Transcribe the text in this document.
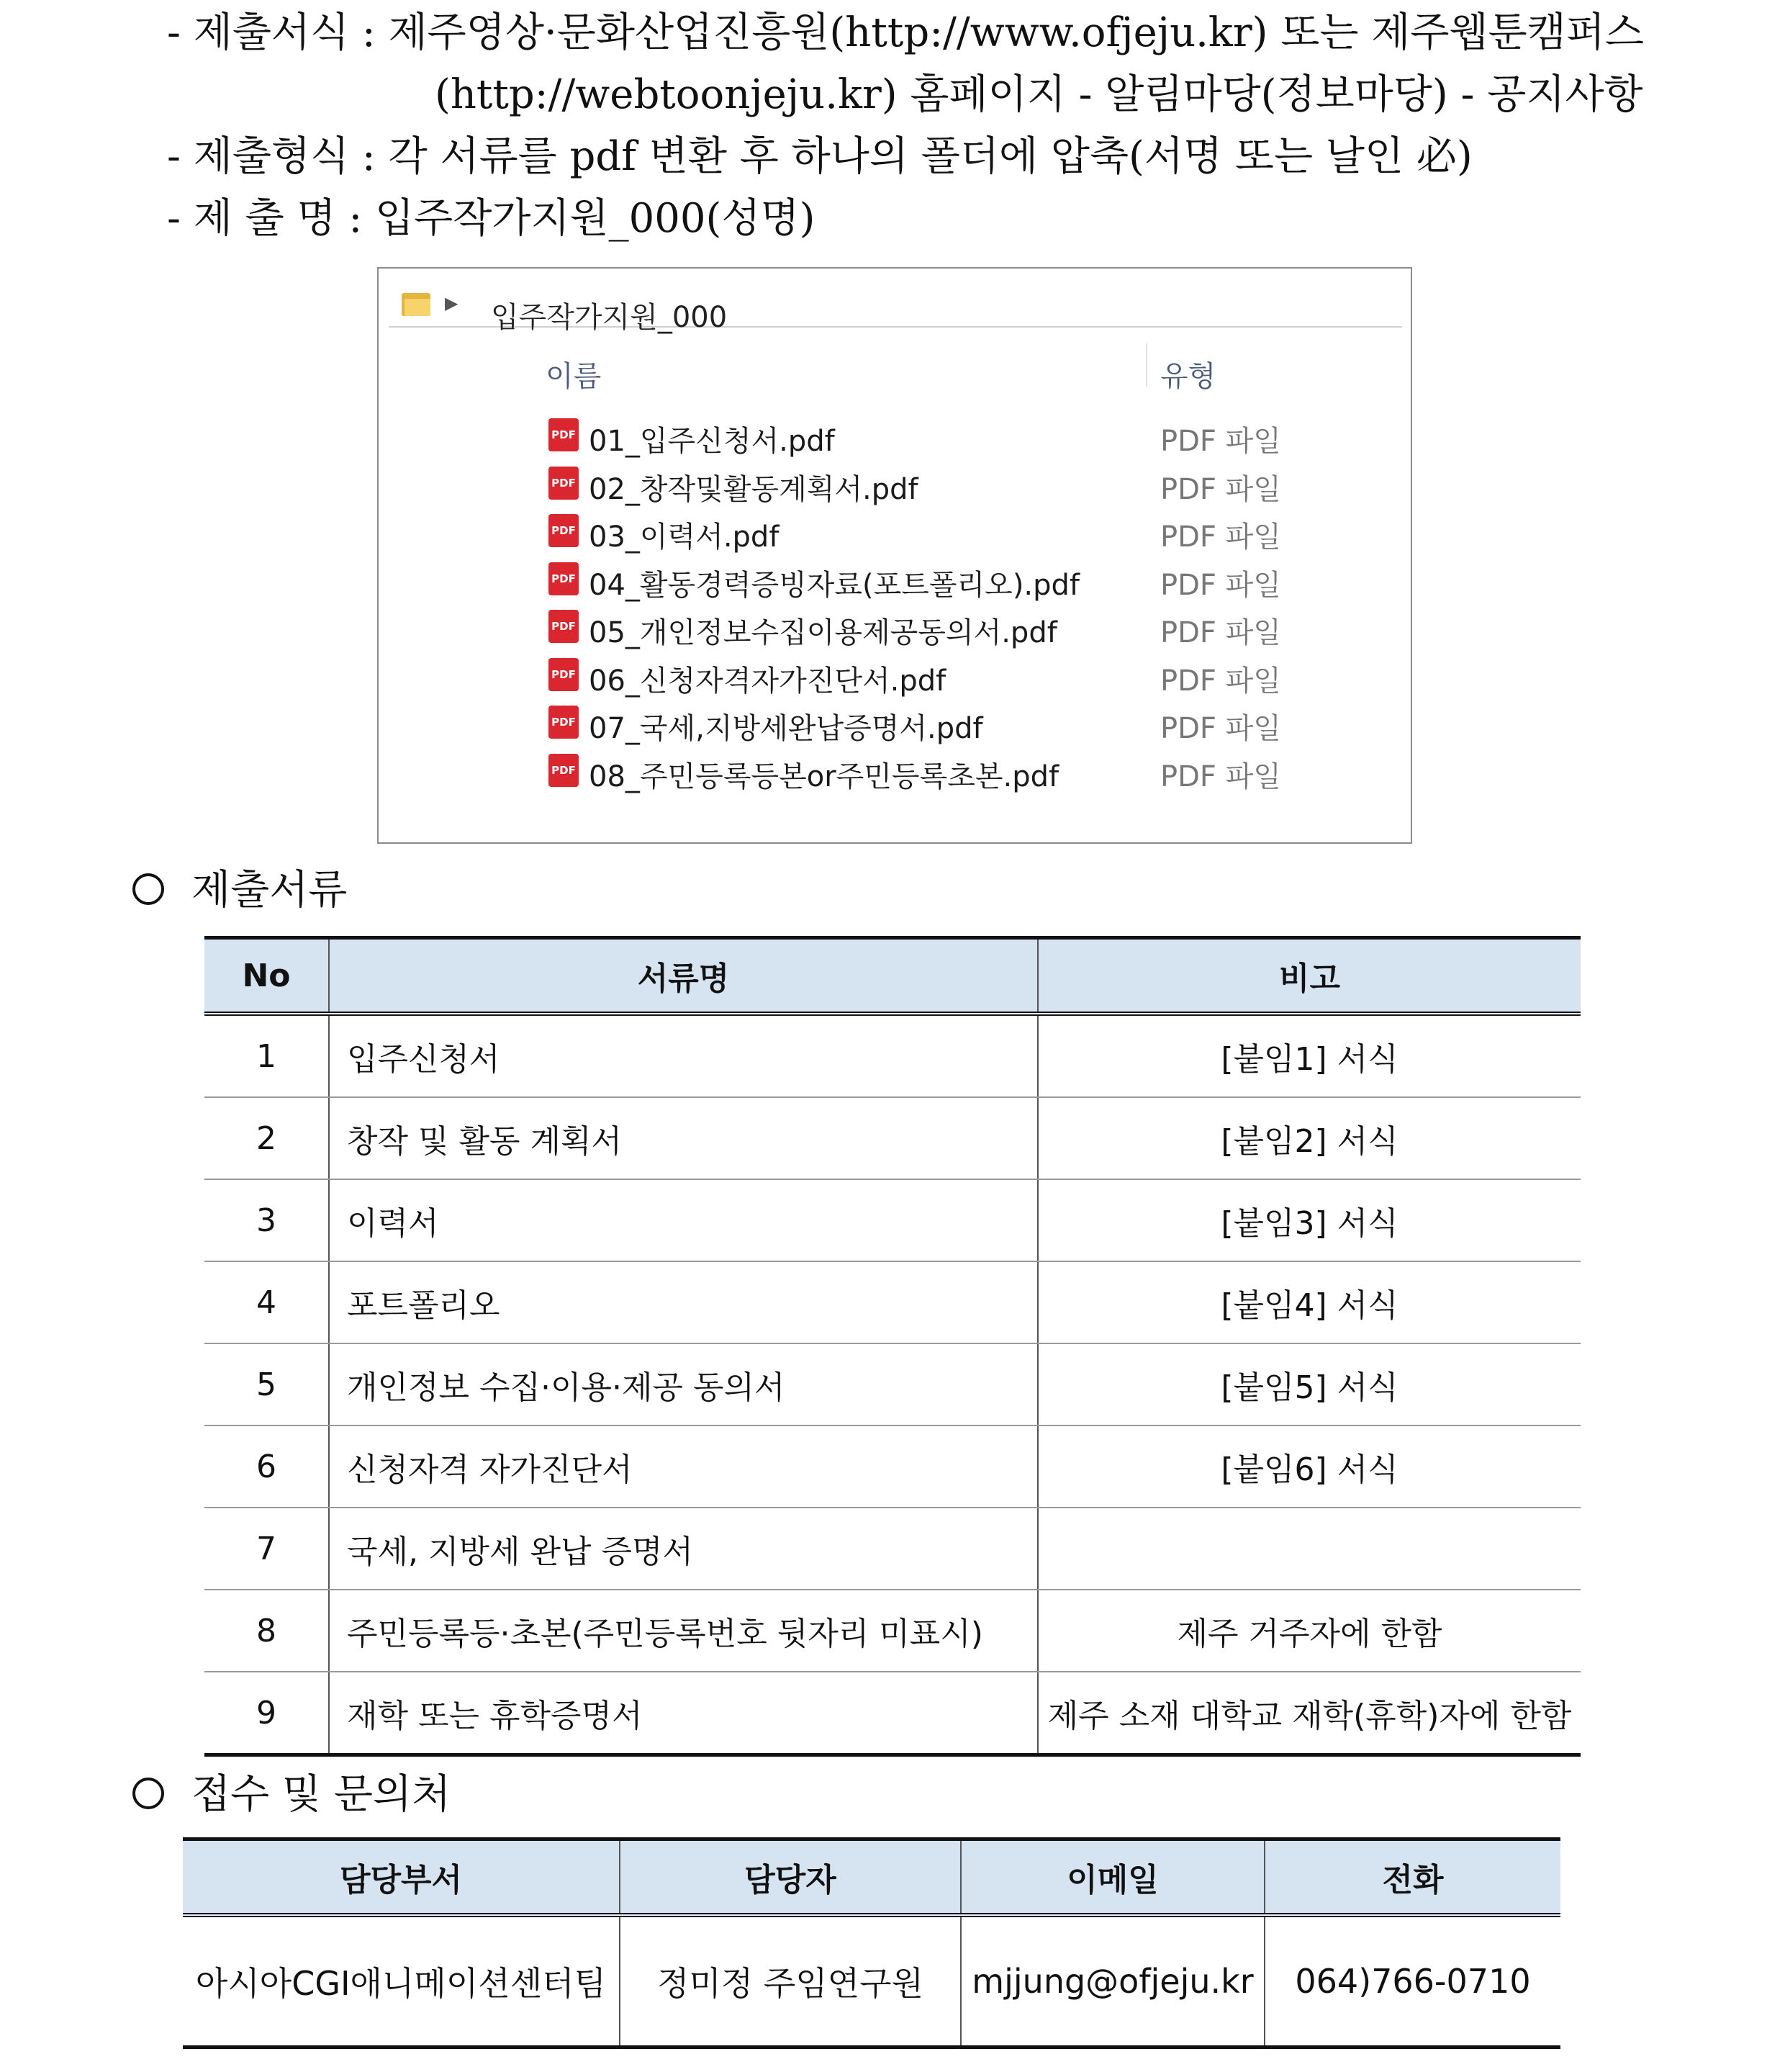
- 제출서식 : 제주영상·문화산업진흥원(http://www.ofjeju.kr) 또는 제주웹툰캠퍼스
(http://webtoonjeju.kr) 홈페이지 - 알림마당(정보마당) - 공지사항
- 제출형식 : 각 서류를 pdf 변환 후 하나의 폴더에 압축(서명 또는 날인 必)
- 제 출 명 : 입주작가지원_000(성명)
▶ 입주작가지원_000
이름	유형
PDF 01_입주신청서.pdf	PDF 파일
PDF 02_창작및활동계획서.pdf	PDF 파일
PDF 03_이력서.pdf	PDF 파일
PDF 04_활동경력증빙자료(포트폴리오).pdf	PDF 파일
PDF 05_개인정보수집이용제공동의서.pdf	PDF 파일
PDF 06_신청자격자가진단서.pdf	PDF 파일
PDF 07_국세,지방세완납증명서.pdf	PDF 파일
PDF 08_주민등록등본or주민등록초본.pdf	PDF 파일
제출서류
No	서류명	비고
1	입주신청서	[붙임1] 서식
2	창작 및 활동 계획서	[붙임2] 서식
3	이력서	[붙임3] 서식
4	포트폴리오	[붙임4] 서식
5	개인정보 수집·이용·제공 동의서	[붙임5] 서식
6	신청자격 자가진단서	[붙임6] 서식
7	국세, 지방세 완납 증명서	
8	주민등록등·초본(주민등록번호 뒷자리 미표시)	제주 거주자에 한함
9	재학 또는 휴학증명서	제주 소재 대학교 재학(휴학)자에 한함
접수 및 문의처
담당부서	담당자	이메일	전화
아시아CGI애니메이션센터팀	정미정 주임연구원	mjjung@ofjeju.kr	064)766-0710
